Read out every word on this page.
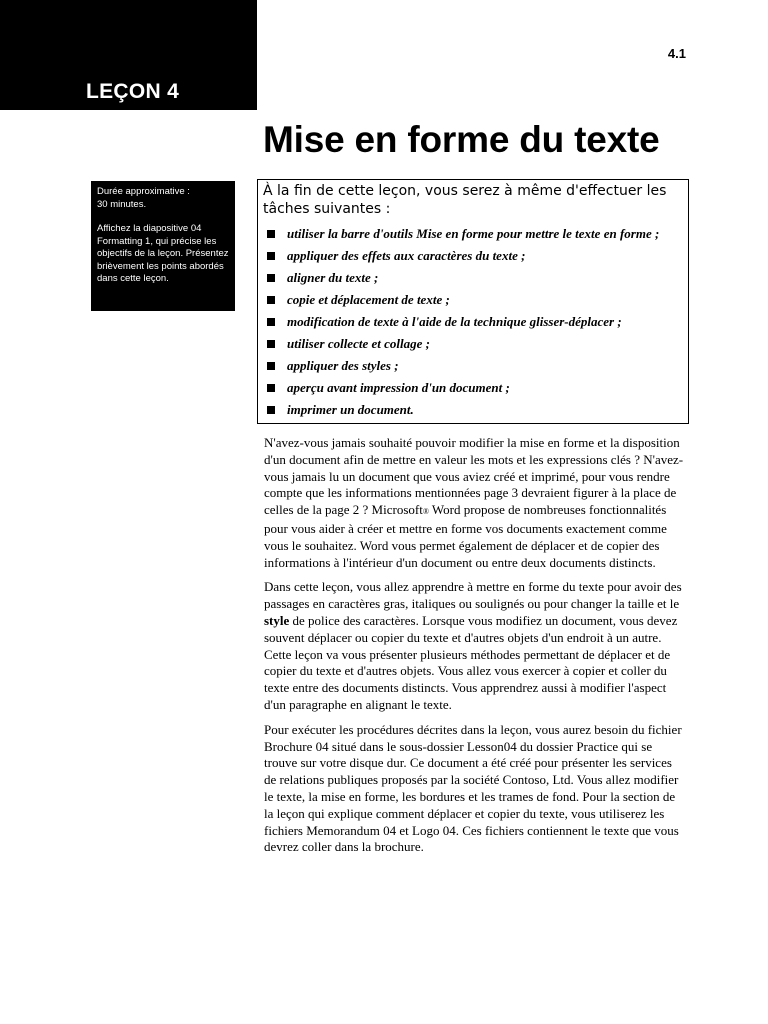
LEÇON 4
4.1
Mise en forme du texte

Durée approximative :
30 minutes.

Affichez la diapositive 04 Formatting 1, qui précise les objectifs de la leçon. Présentez brièvement les points abordés dans cette leçon.

À la fin de cette leçon, vous serez à même d'effectuer les tâches suivantes :
utiliser la barre d'outils Mise en forme pour mettre le texte en forme ;
appliquer des effets aux caractères du texte ;
aligner du texte ;
copie et déplacement de texte ;
modification de texte à l'aide de la technique glisser-déplacer ;
utiliser collecte et collage ;
appliquer des styles ;
aperçu avant impression d'un document ;
imprimer un document.

N'avez-vous jamais souhaité pouvoir modifier la mise en forme et la disposition d'un document afin de mettre en valeur les mots et les expressions clés ? N'avez-vous jamais lu un document que vous aviez créé et imprimé, pour vous rendre compte que les informations mentionnées page 3 devraient figurer à la place de celles de la page 2 ? Microsoft® Word propose de nombreuses fonctionnalités pour vous aider à créer et mettre en forme vos documents exactement comme vous le souhaitez. Word vous permet également de déplacer et de copier des informations à l'intérieur d'un document ou entre deux documents distincts.

Dans cette leçon, vous allez apprendre à mettre en forme du texte pour avoir des passages en caractères gras, italiques ou soulignés ou pour changer la taille et le style de police des caractères. Lorsque vous modifiez un document, vous devez souvent déplacer ou copier du texte et d'autres objets d'un endroit à un autre. Cette leçon va vous présenter plusieurs méthodes permettant de déplacer et de copier du texte et d'autres objets. Vous allez vous exercer à copier et coller du texte entre des documents distincts. Vous apprendrez aussi à modifier l'aspect d'un paragraphe en alignant le texte.

Pour exécuter les procédures décrites dans la leçon, vous aurez besoin du fichier Brochure 04 situé dans le sous-dossier Lesson04 du dossier Practice qui se trouve sur votre disque dur. Ce document a été créé pour présenter les services de relations publiques proposés par la société Contoso, Ltd. Vous allez modifier le texte, la mise en forme, les bordures et les trames de fond. Pour la section de la leçon qui explique comment déplacer et copier du texte, vous utiliserez les fichiers Memorandum 04 et Logo 04. Ces fichiers contiennent le texte que vous devrez coller dans la brochure.
